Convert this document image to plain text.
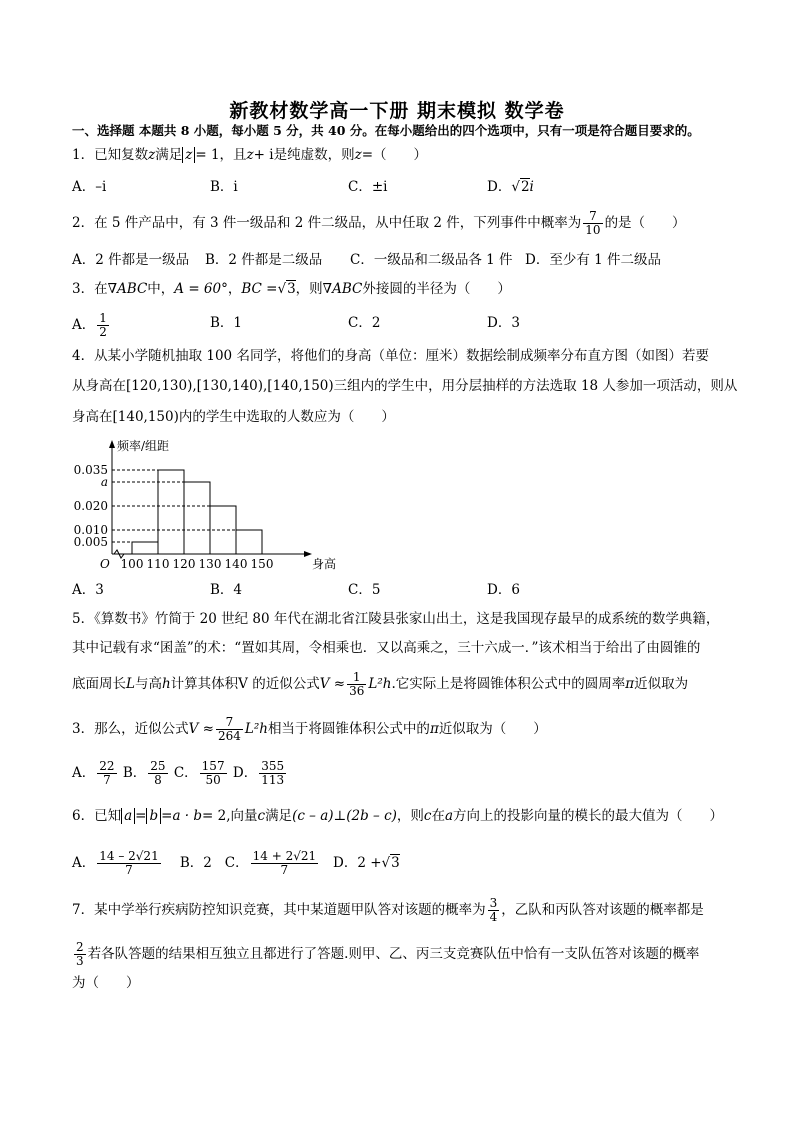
新教材数学高一下册 期末模拟 数学卷
一、选择题 本题共 8 小题，每小题 5 分，共 40 分。在每小题给出的四个选项中，只有一项是符合题目要求的。
1．已知复数z满足 z = 1，且z+ i是纯虚数，则z=（　　）
A．–i	B．i	C．±i	D．√2i
2．在 5 件产品中，有 3 件一级品和 2 件二级品，从中任取 2 件，下列事件中概率为 $\frac{7}{10}$ 的是（　　）
A．2 件都是一级品 B．2 件都是二级品 C．一级品和二级品各 1 件 D．至少有 1 件二级品
3．在∇ABC中，A = 60°，BC =√3，则∇ABC外接圆的半径为（　　）
A． $\frac{1}{2}$	B．1	C．2	D．3
4．从某小学随机抽取 100 名同学，将他们的身高（单位：厘米）数据绘制成频率分布直方图（如图）若要
从身高在[120,130),[130,140),[140,150)三组内的学生中，用分层抽样的方法选取 18 人参加一项活动，则从
身高在[140,150)内的学生中选取的人数应为（　　）
频率/组距
身高
O
0.035
a
0.020
0.010
0.005
100 110 120 130 140 150
A．3	B．4	C．5	D．6
5．《算数书》竹简于 20 世纪 80 年代在湖北省江陵县张家山出土，这是我国现存最早的成系统的数学典籍，
其中记载有求“囷盖”的术：“置如其周，令相乘也．又以高乘之，三十六成一．”该术相当于给出了由圆锥的
底面周长L与高h计算其体积V 的近似公式$V \approx \frac{1}{36} L^2h$.它实际上是将圆锥体积公式中的圆周率π近似取为
3．那么，近似公式$V \approx \frac{7}{264} L^2h$相当于将圆锥体积公式中的π近似取为（　　）
A． $\frac{22}{7}$ B． $\frac{25}{8}$ C． $\frac{157}{50}$ D． $\frac{355}{113}$
6．已知 a = b =a · b= 2,向量c满足(c – a)⊥(2b – c)，则c在a方向上的投影向量的模长的最大值为（　　）
A． $\frac{14 - 2√21}{7}$ B．2 C． $\frac{14 + 2√21}{7}$ D．2 +√3
7．某中学举行疾病防控知识竞赛，其中某道题甲队答对该题的概率为 $\frac{3}{4}$ ，乙队和丙队答对该题的概率都是
$\frac{2}{3}$ 若各队答题的结果相互独立且都进行了答题.则甲、乙、丙三支竞赛队伍中恰有一支队伍答对该题的概率
为（　　）
